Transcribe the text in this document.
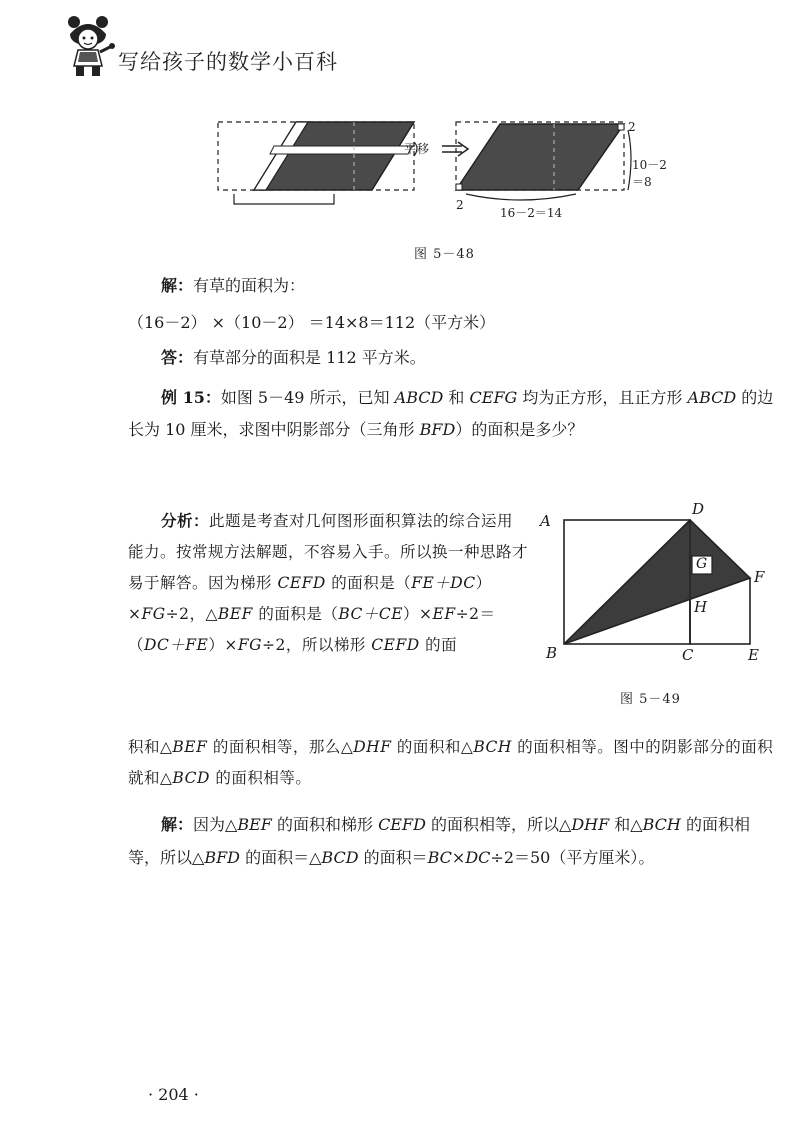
写给孩子的数学小百科
平移
2
10－2＝8
2
16－2＝14
图 5－48
解：有草的面积为：
（16－2） ×（10－2） ＝14×8＝112（平方米）
答：有草部分的面积是 112 平方米。
例 15：如图 5－49 所示，已知 ABCD 和 CEFG 均为正方形，且正方形 ABCD 的边长为 10 厘米，求图中阴影部分（三角形 BFD）的面积是多少？
分析：此题是考查对几何图形面积算法的综合运用能力。按常规方法解题，不容易入手。所以换一种思路才易于解答。因为梯形 CEFD 的面积是（FE＋DC）×FG÷2，△BEF 的面积是（BC＋CE）×EF÷2＝（DC＋FE）×FG÷2，所以梯形 CEFD 的面
A
D
G
F
H
B	C	E
图 5－49
积和△BEF 的面积相等，那么△DHF 的面积和△BCH 的面积相等。图中的阴影部分的面积就和△BCD 的面积相等。
解：因为△BEF 的面积和梯形 CEFD 的面积相等，所以△DHF 和△BCH 的面积相等，所以△BFD 的面积＝△BCD 的面积＝BC×DC÷2＝50（平方厘米）。
· 204 ·
